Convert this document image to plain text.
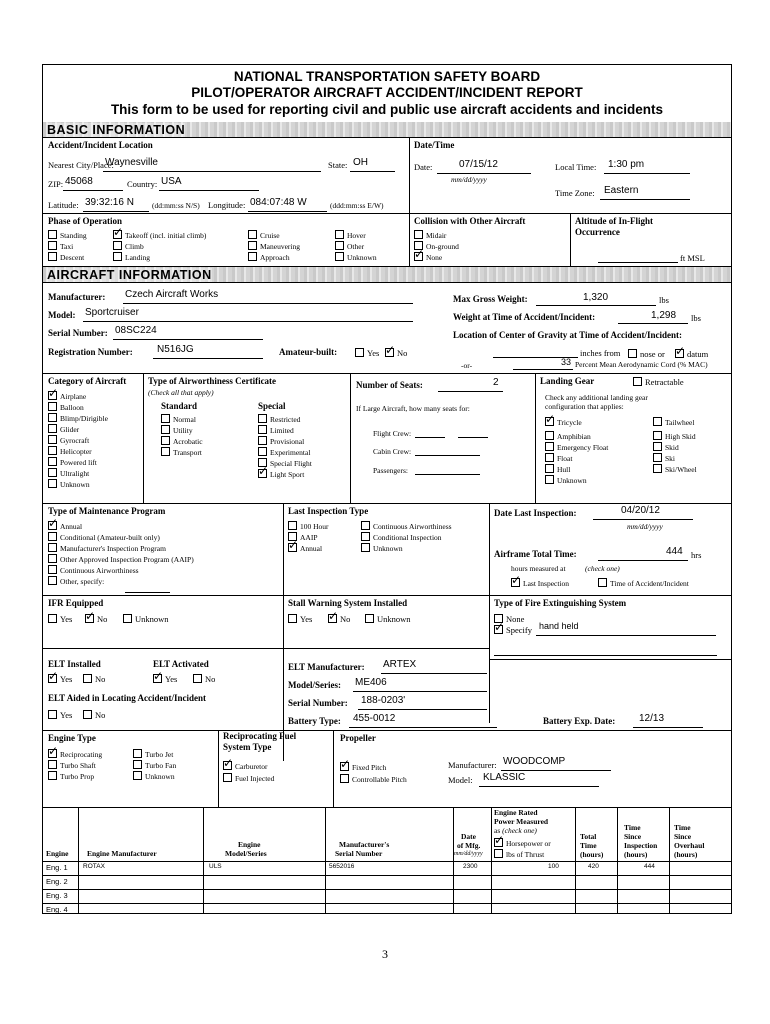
NATIONAL TRANSPORTATION SAFETY BOARD
PILOT/OPERATOR AIRCRAFT ACCIDENT/INCIDENT REPORT
This form to be used for reporting civil and public use aircraft accidents and incidents
BASIC INFORMATION
Accident/Incident Location
Nearest City/Place:
Waynesville	State: OH
ZIP: 45068	Country: USA
Latitude: 39:32:16 N (dd:mm:ss N/S) Longitude: 084:07:48 W	(ddd:mm:ss E/W)
Date/Time
Date:	07/15/12
mm/dd/yyyy
Local Time: 1:30 pm
Time Zone: Eastern
Phase of Operation
Standing ✓	Takeoff (incl. initial climb)	Cruise	Hover
Taxi	Climb	Maneuvering	Other
Descent	Landing	Approach	Unknown
Collision with Other Aircraft
Midair
On-ground
✓None
Altitude of In-Flight
Occurrence
ft MSL
AIRCRAFT INFORMATION
Manufacturer: Czech Aircraft Works
Model: Sportcruiser
Serial Number: 08SC224
Registration Number: N516JG	Amateur-built:	Yes ✓	No
Max Gross Weight:	1,320	lbs
Weight at Time of Accident/Incident:	1,298 lbs
Location of Center of Gravity at Time of Accident/Incident:
inches from	nose or ✓	datum
-or-	33 Percent Mean Aerodynamic Cord (% MAC)
Category of Aircraft
✓Airplane
Balloon
Blimp/Dirigible
Glider
Gyrocraft
Helicopter
Powered lift
Ultralight
Unknown
Type of Airworthiness Certificate
(Check all that apply)
Standard	Special
Normal
Utility
Acrobatic
Transport
Restricted
Limited
Provisional
Experimental
Special Flight
✓Light Sport
Number of Seats:	2
If Large Aircraft, how many seats for:
Flight Crew:
Cabin Crew:
Passengers:
Landing Gear	Retractable
Check any additional landing gear
configuration that applies:
✓Tricycle	Tailwheel
Amphibian	High Skid
Emergency Float	Skid
Float	Ski
Hull	Ski/Wheel
Unknown
Type of Maintenance Program
✓Annual
Conditional (Amateur-built only)
Manufacturer's Inspection Program
Other Approved Inspection Program (AAIP)
Continuous Airworthiness
Other, specify:
Last Inspection Type
100 Hour	Continuous Airworthiness
AAIP	Conditional Inspection
✓Annual	Unknown
Date Last Inspection:	04/20/12
mm/dd/yyyy
Airframe Total Time:	444 hrs
hours measured at	(check one)
✓Last Inspection	Time of Accident/Incident
IFR Equipped
Yes ✓	No	Unknown
Stall Warning System Installed
Yes ✓	No	Unknown
Type of Fire Extinguishing System
None
✓Specify hand held
ELT Installed
✓Yes	No
ELT Activated
✓Yes	No
ELT Aided in Locating Accident/Incident
Yes	No
ELT Manufacturer: ARTEX
Model/Series: ME406
Serial Number: 188-0203'
Battery Type: 455-0012	Battery Exp. Date: 12/13
Engine Type
✓Reciprocating	Turbo Jet
Turbo Shaft	Turbo Fan
Turbo Prop	Unknown
Reciprocating Fuel
System Type
✓Carburetor
Fuel Injected
Propeller
✓Fixed Pitch
Controllable Pitch
Manufacturer: WOODCOMP
Model: KLASSIC
Engine Engine Manufacturer
Engine
Model/Series
Manufacturer's
Serial Number
Date
of Mfg.
mm/dd/yyyy
Engine Rated
Power Measured
as (check one)
✓Horsepower or
lbs of Thrust
Total
Time
(hours)
Time
Since
Inspection
(hours)
Time
Since
Overhaul
(hours)
Eng. 1 ROTAX	ULS	5652016	2300	100	420	444
Eng. 2
Eng. 3
Eng. 4
3
